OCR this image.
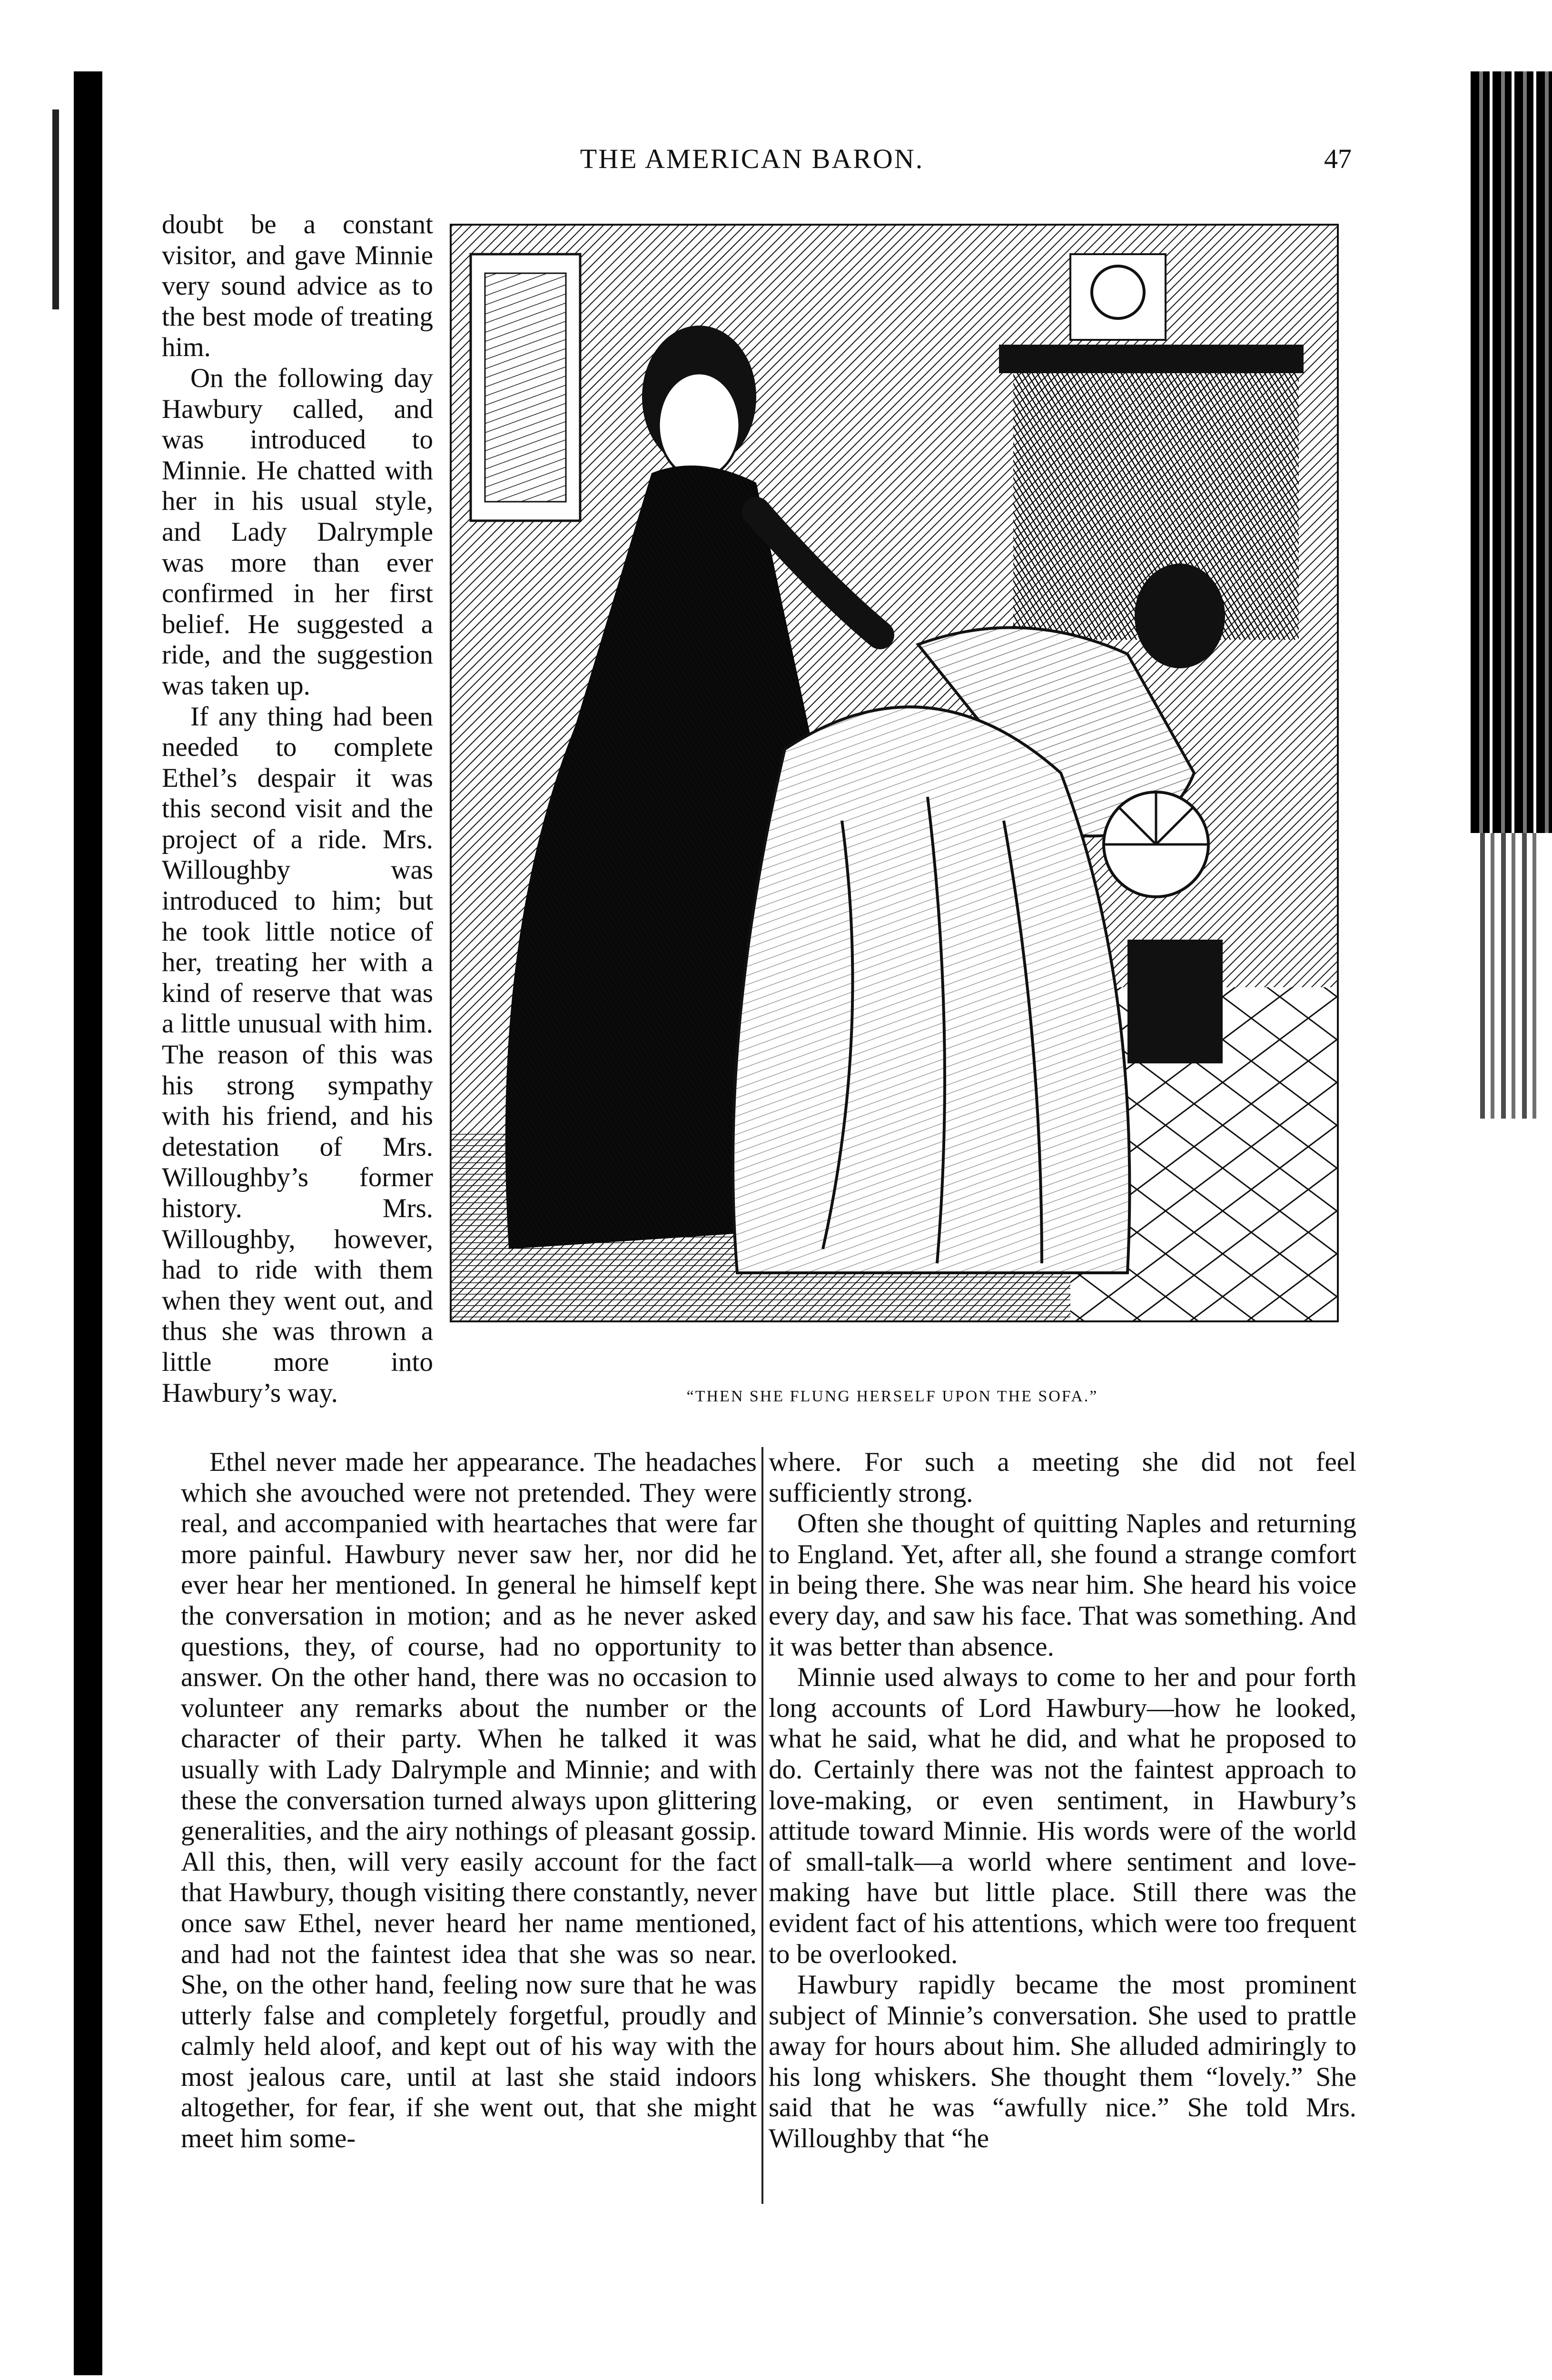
THE AMERICAN BARON.	47

doubt be a constant visitor, and gave Minnie very sound advice as to the best mode of treating him.

On the following day Hawbury called, and was introduced to Minnie. He chatted with her in his usual style, and Lady Dalrymple was more than ever confirmed in her first belief. He suggested a ride, and the suggestion was taken up.

If any thing had been needed to complete Ethel’s despair it was this second visit and the project of a ride. Mrs. Willoughby was introduced to him; but he took little notice of her, treating her with a kind of reserve that was a little unusual with him. The reason of this was his strong sympathy with his friend, and his detestation of Mrs. Willoughby’s former history. Mrs. Willoughby, however, had to ride with them when they went out, and thus she was thrown a little more into Hawbury’s way.	“THEN SHE FLUNG HERSELF UPON THE SOFA.”

Ethel never made her appearance. The headaches which she avouched were not pretended. They were real, and accompanied with heartaches that were far more painful. Hawbury never saw her, nor did he ever hear her mentioned. In general he himself kept the conversation in motion; and as he never asked questions, they, of course, had no opportunity to answer. On the other hand, there was no occasion to volunteer any remarks about the number or the character of their party. When he talked it was usually with Lady Dalrymple and Minnie; and with these the conversation turned always upon glittering generalities, and the airy nothings of pleasant gossip. All this, then, will very easily account for the fact that Hawbury, though visiting there constantly, never once saw Ethel, never heard her name mentioned, and had not the faintest idea that she was so near. She, on the other hand, feeling now sure that he was utterly false and completely forgetful, proudly and calmly held aloof, and kept out of his way with the most jealous care, until at last she staid indoors altogether, for fear, if she went out, that she might meet him some-

where. For such a meeting she did not feel sufficiently strong.

Often she thought of quitting Naples and returning to England. Yet, after all, she found a strange comfort in being there. She was near him. She heard his voice every day, and saw his face. That was something. And it was better than absence.

Minnie used always to come to her and pour forth long accounts of Lord Hawbury—how he looked, what he said, what he did, and what he proposed to do. Certainly there was not the faintest approach to love-making, or even sentiment, in Hawbury’s attitude toward Minnie. His words were of the world of small-talk—a world where sentiment and love-making have but little place. Still there was the evident fact of his attentions, which were too frequent to be overlooked.

Hawbury rapidly became the most prominent subject of Minnie’s conversation. She used to prattle away for hours about him. She alluded admiringly to his long whiskers. She thought them “lovely.” She said that he was “awfully nice.” She told Mrs. Willoughby that “he
